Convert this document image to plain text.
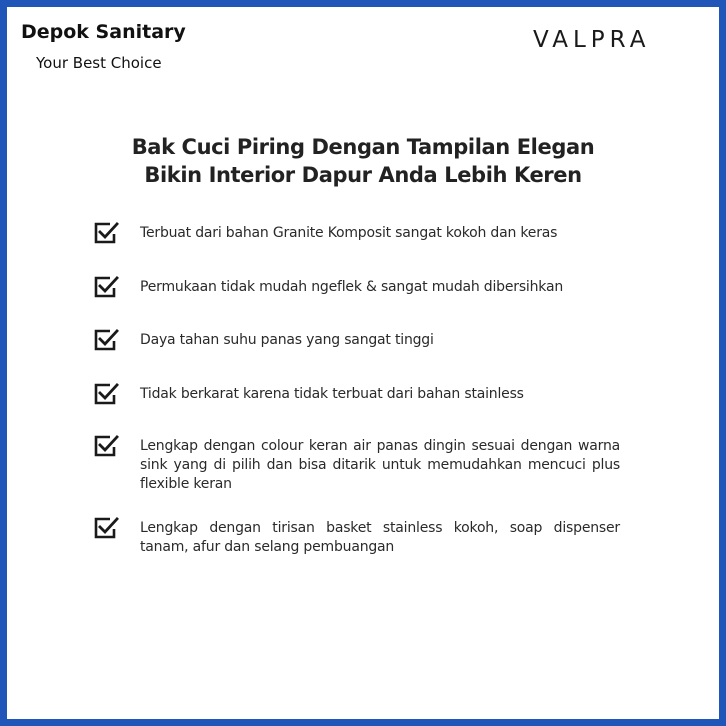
Depok Sanitary
Your Best Choice
VALPRA
Bak Cuci Piring Dengan Tampilan Elegan
Bikin Interior Dapur Anda Lebih Keren
Terbuat dari bahan Granite Komposit sangat kokoh dan keras
Permukaan tidak mudah ngeflek & sangat mudah dibersihkan
Daya tahan suhu panas yang sangat tinggi
Tidak berkarat karena tidak terbuat dari bahan stainless
Lengkap dengan colour keran air panas dingin sesuai dengan warna sink yang di pilih dan bisa ditarik untuk memudahkan mencuci plus flexible keran
Lengkap dengan tirisan basket stainless kokoh, soap dispenser tanam, afur dan selang pembuangan
